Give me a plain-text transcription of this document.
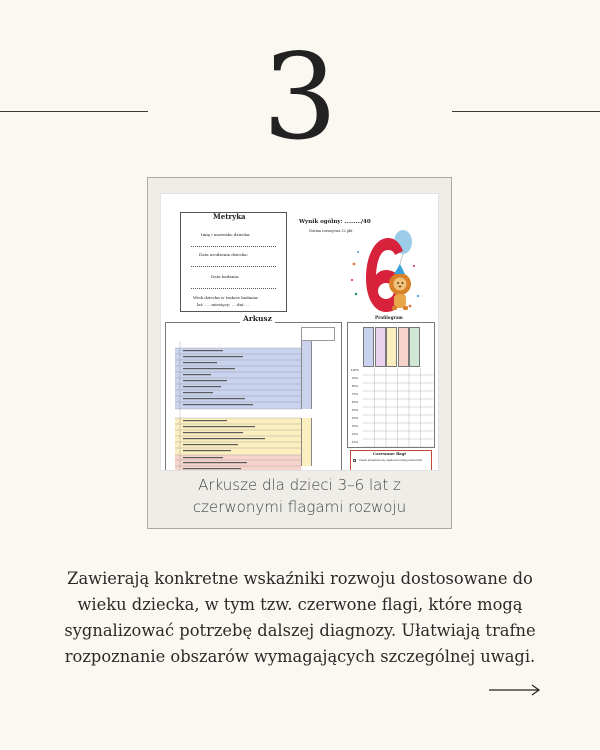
3
Metryka
Imię i nazwisko dziecka:
Data urodzenia dziecka:
Data badania:
Wiek dziecka w trakcie badania:
lat: …. miesięcy: … dni: …
Wynik ogólny: ………/40
Norma rozwojowa 32 pkt
Arkusz	Profilogram
100%
90%
80%
70%
60%
50%
40%
30%
20%
10%
Czerwone flagi
Często przewraca się, upada na równej powierzchni
Arkusze dla dzieci 3–6 lat z
czerwonymi flagami rozwoju
Zawierają konkretne wskaźniki rozwoju dostosowane do
wieku dziecka, w tym tzw. czerwone flagi, które mogą
sygnalizować potrzebę dalszej diagnozy. Ułatwiają trafne
rozpoznanie obszarów wymagających szczególnej uwagi.
